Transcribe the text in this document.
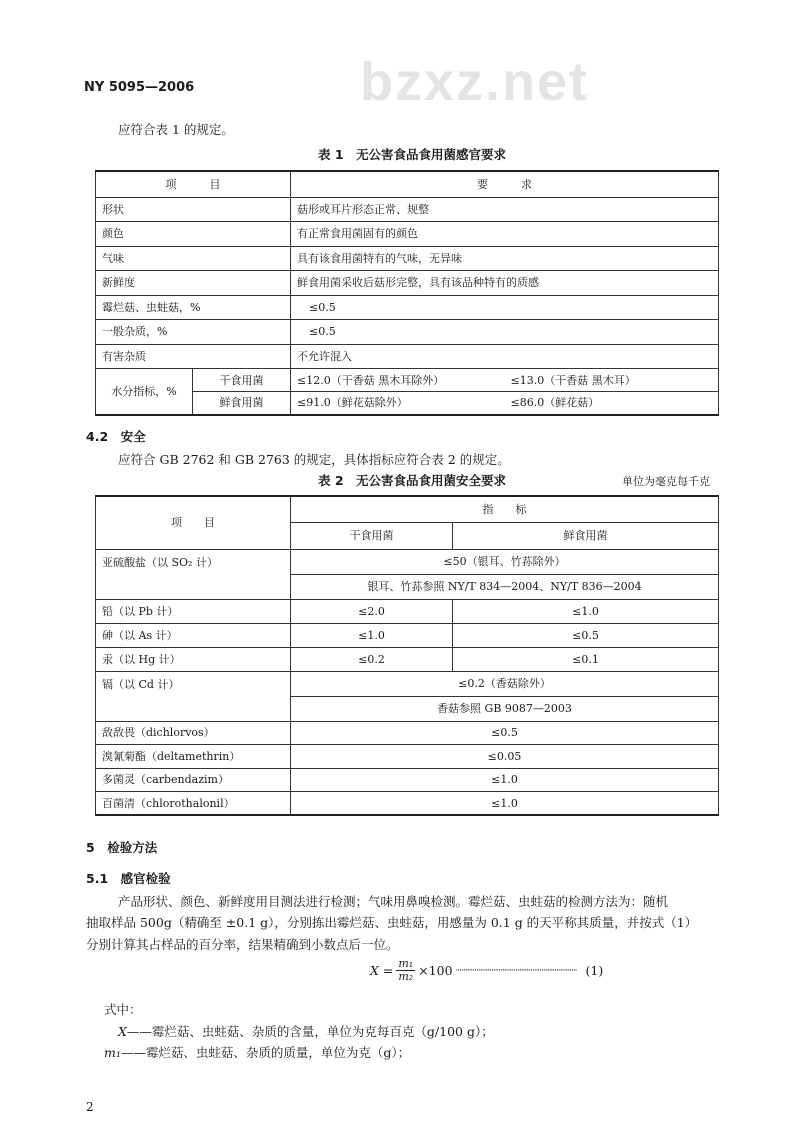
bzxz.net
NY 5095—2006
应符合表 1 的规定。
表 1　无公害食品食用菌感官要求
项　　　目		要　　　求	
形状		菇形或耳片形态正常、规整	
颜色		有正常食用菌固有的颜色	
气味		具有该食用菌特有的气味，无异味	
新鲜度		鲜食用菌采收后菇形完整，具有该品种特有的质感	
霉烂菇、虫蛀菇，%		≤0.5	
一般杂质，%		≤0.5	
有害杂质		不允许混入	
水分指标，%	干食用菌	≤12.0（干香菇 黑木耳除外）	≤13.0（干香菇 黑木耳）
	鲜食用菌	≤91.0（鲜花菇除外）	≤86.0（鲜花菇）
4.2　安全
应符合 GB 2762 和 GB 2763 的规定，具体指标应符合表 2 的规定。
表 2　无公害食品食用菌安全要求	单位为毫克每千克
项　　目	指　　标	
	干食用菌	鲜食用菌
亚硫酸盐（以 SO₂ 计）	≤50（银耳、竹荪除外）	
	银耳、竹荪参照 NY/T 834—2004、NY/T 836—2004	
铅（以 Pb 计）	≤2.0	≤1.0
砷（以 As 计）	≤1.0	≤0.5
汞（以 Hg 计）	≤0.2	≤0.1
镉（以 Cd 计）	≤0.2（香菇除外）	
	香菇参照 GB 9087—2003	
敌敌畏（dichlorvos）	≤0.5	
溴氰菊酯（deltamethrin）	≤0.05	
多菌灵（carbendazim）	≤1.0	
百菌清（chlorothalonil）	≤1.0	
5　检验方法
5.1　感官检验
产品形状、颜色、新鲜度用目测法进行检测；气味用鼻嗅检测。霉烂菇、虫蛀菇的检测方法为：随机
抽取样品 500g（精确至 ±0.1 g），分别拣出霉烂菇、虫蛀菇，用感量为 0.1 g 的天平称其质量，并按式（1）
分别计算其占样品的百分率，结果精确到小数点后一位。
$X = \frac{\text{m₁}}{\text{m₂}} \times 100$ ································································· (1)
式中：
X——霉烂菇、虫蛀菇、杂质的含量，单位为克每百克（g/100 g）；
m₁——霉烂菇、虫蛀菇、杂质的质量，单位为克（g）；
2
